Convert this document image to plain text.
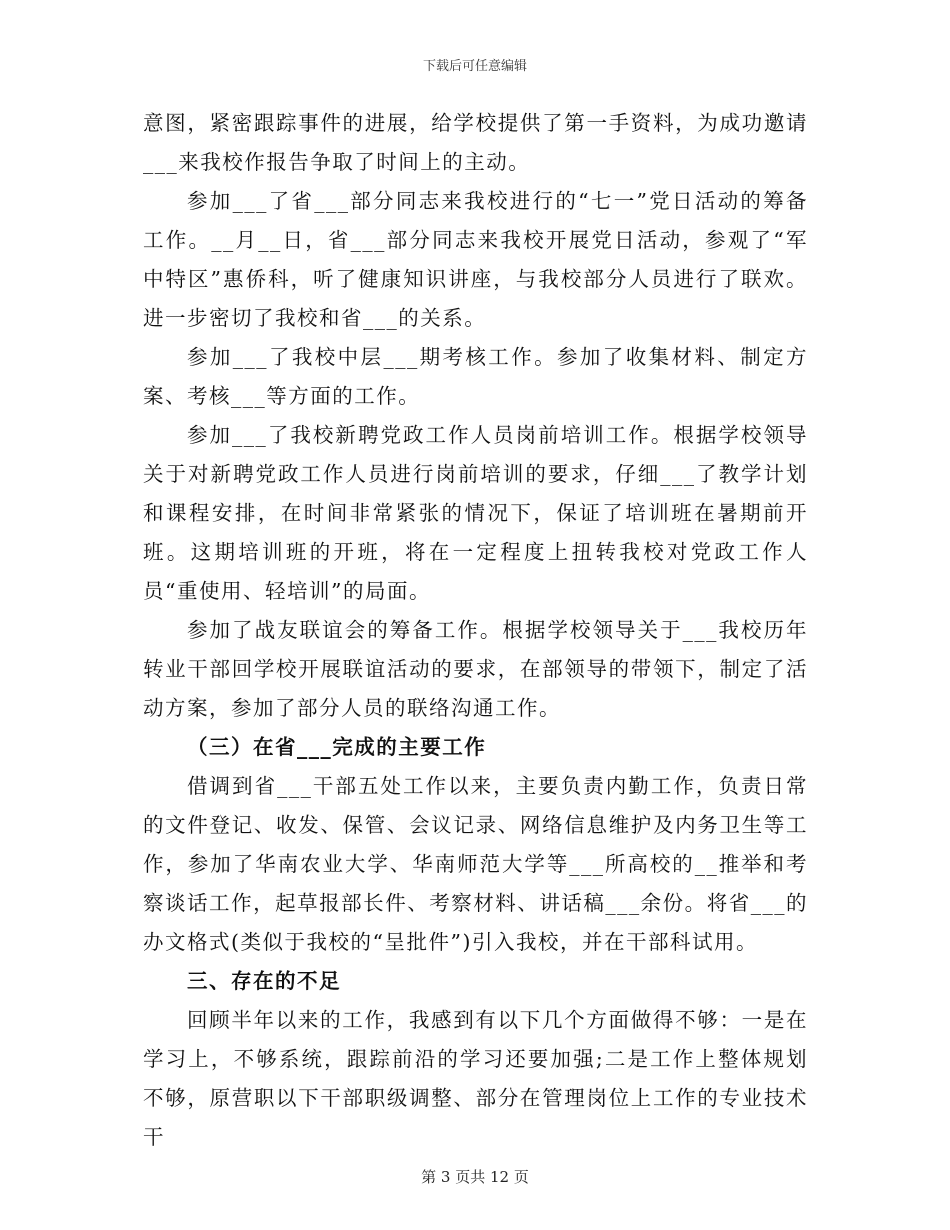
下载后可任意编辑

意图，紧密跟踪事件的进展，给学校提供了第一手资料，为成功邀请___来我校作报告争取了时间上的主动。

参加___了省___部分同志来我校进行的“七一”党日活动的筹备工作。__月__日，省___部分同志来我校开展党日活动，参观了“军中特区”惠侨科，听了健康知识讲座，与我校部分人员进行了联欢。进一步密切了我校和省___的关系。

参加___了我校中层___期考核工作。参加了收集材料、制定方案、考核___等方面的工作。

参加___了我校新聘党政工作人员岗前培训工作。根据学校领导关于对新聘党政工作人员进行岗前培训的要求，仔细___了教学计划和课程安排，在时间非常紧张的情况下，保证了培训班在暑期前开班。这期培训班的开班，将在一定程度上扭转我校对党政工作人员“重使用、轻培训”的局面。

参加了战友联谊会的筹备工作。根据学校领导关于___我校历年转业干部回学校开展联谊活动的要求，在部领导的带领下，制定了活动方案，参加了部分人员的联络沟通工作。

（三）在省___完成的主要工作

借调到省___干部五处工作以来，主要负责内勤工作，负责日常的文件登记、收发、保管、会议记录、网络信息维护及内务卫生等工作，参加了华南农业大学、华南师范大学等___所高校的__推举和考察谈话工作，起草报部长件、考察材料、讲话稿___余份。将省___的办文格式(类似于我校的“呈批件”)引入我校，并在干部科试用。

三、存在的不足

回顾半年以来的工作，我感到有以下几个方面做得不够：一是在学习上，不够系统，跟踪前沿的学习还要加强;二是工作上整体规划不够，原营职以下干部职级调整、部分在管理岗位上工作的专业技术干

第 3 页共 12 页
